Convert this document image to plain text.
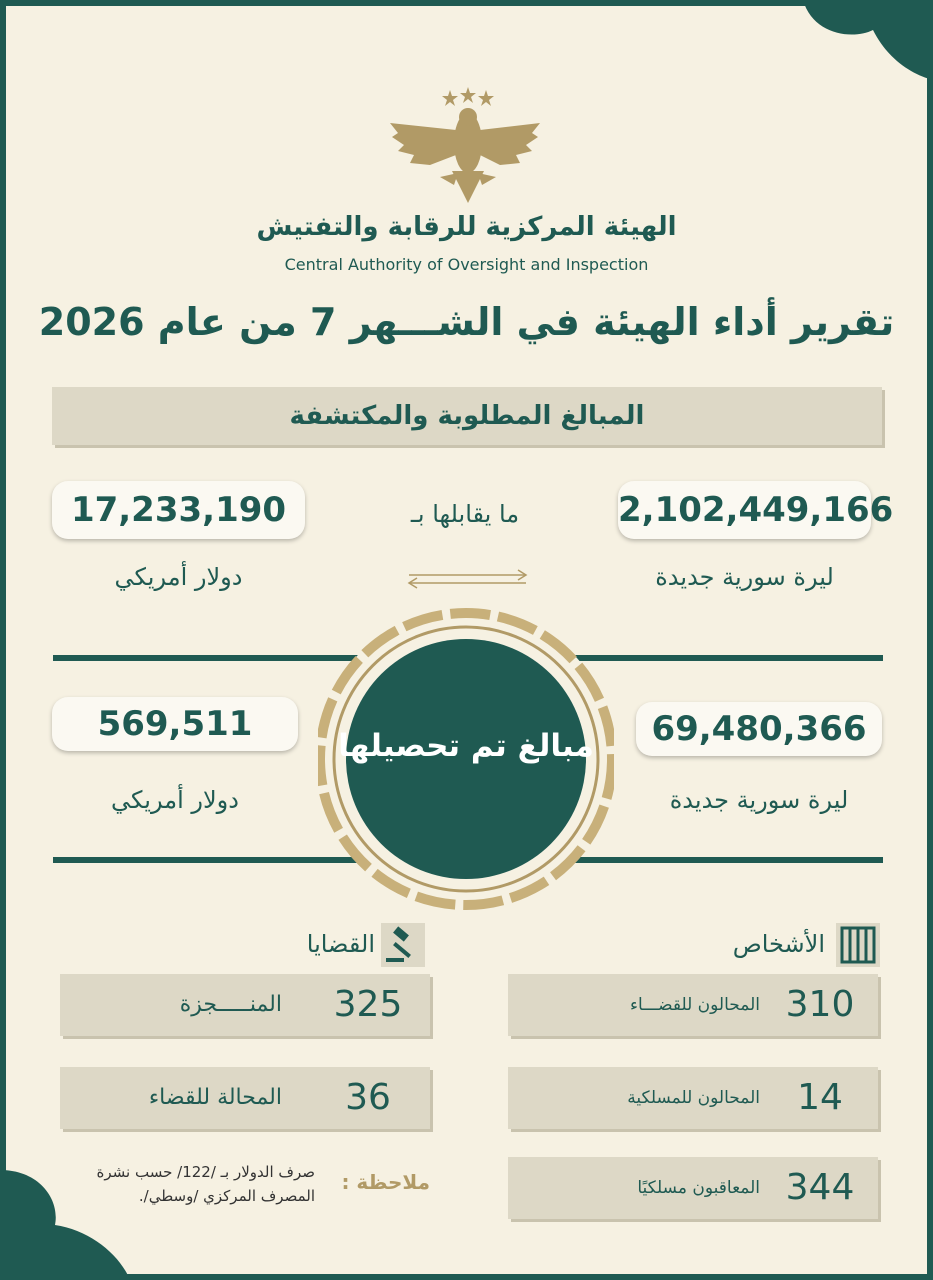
الهيئة المركزية للرقابة والتفتيش
Central Authority of Oversight and Inspection
تقرير أداء الهيئة في الشـــهر 7 من عام 2026
المبالغ المطلوبة والمكتشفة
2,102,449,166
17,233,190	ما يقابلها بـ
ليرة سورية جديدة
دولار أمريكي
مبالغ تم تحصيلها	69,480,366
569,511
ليرة سورية جديدة
دولار أمريكي
الأشخاص
القضايا
310
المحالون للقضـــاء
14
المحالون للمسلكية
344
المعاقبون مسلكيًا
325
المنـــــجزة
36
المحالة للقضاء
ملاحظة :
صرف الدولار بـ /122/ حسب نشرة المصرف المركزي /وسطي/.
